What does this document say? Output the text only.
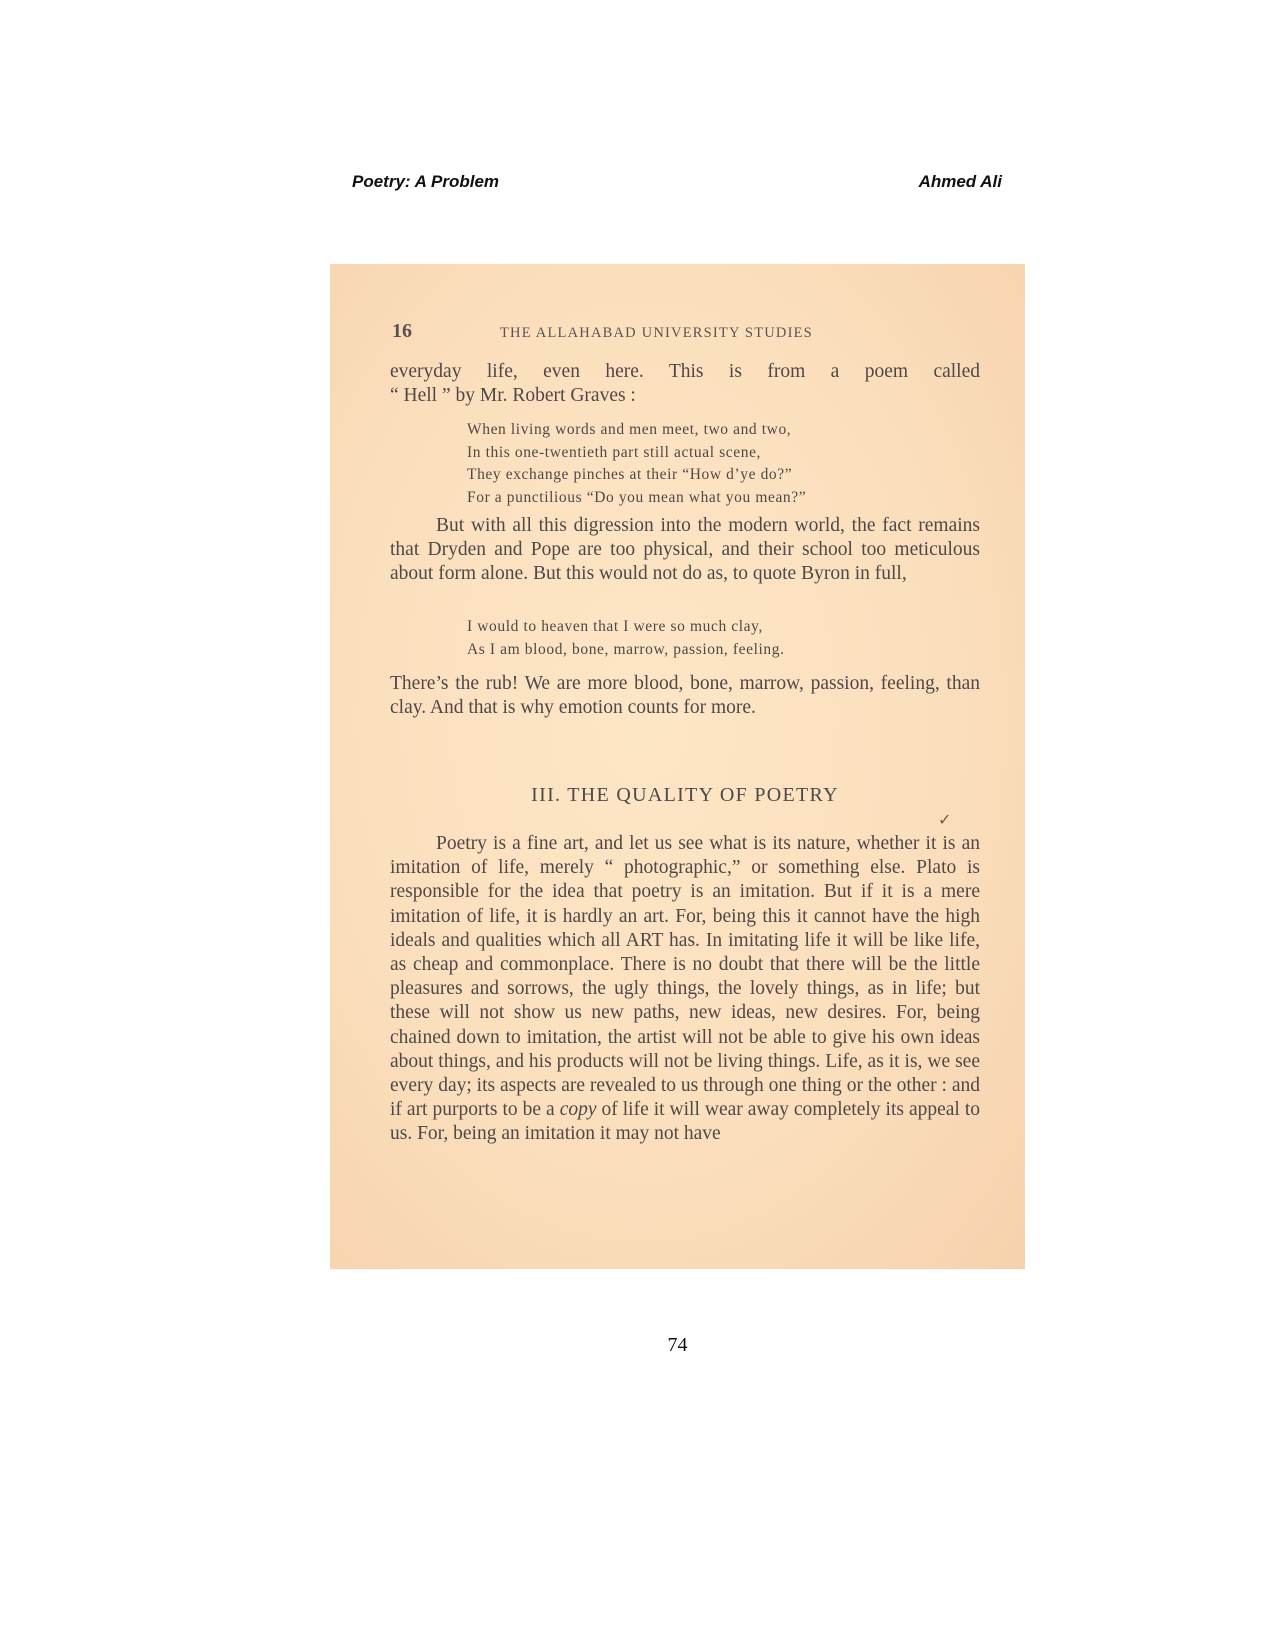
Poetry: A Problem	Ahmed Ali
16	THE ALLAHABAD UNIVERSITY STUDIES

everyday life, even here. This is from a poem called

“ Hell ” by Mr. Robert Graves :

When living words and men meet, two and two,
In this one-twentieth part still actual scene,
They exchange pinches at their “How d’ye do?”
For a punctilious “Do you mean what you mean?”

But with all this digression into the modern world, the fact remains that Dryden and Pope are too physical, and their school too meticulous about form alone. But this would not do as, to quote Byron in full,

I would to heaven that I were so much clay,
As I am blood, bone, marrow, passion, feeling.

There’s the rub! We are more blood, bone, marrow, passion, feeling, than clay. And that is why emotion counts for more.

III. THE QUALITY OF POETRY
✓

Poetry is a fine art, and let us see what is its nature, whether it is an imitation of life, merely “ photographic,” or something else. Plato is responsible for the idea that poetry is an imitation. But if it is a mere imitation of life, it is hardly an art. For, being this it cannot have the high ideals and qualities which all ART has. In imitating life it will be like life, as cheap and commonplace. There is no doubt that there will be the little pleasures and sorrows, the ugly things, the lovely things, as in life; but these will not show us new paths, new ideas, new desires. For, being chained down to imitation, the artist will not be able to give his own ideas about things, and his products will not be living things. Life, as it is, we see every day; its aspects are revealed to us through one thing or the other : and if art purports to be a copy of life it will wear away completely its appeal to us. For, being an imitation it may not have

74
